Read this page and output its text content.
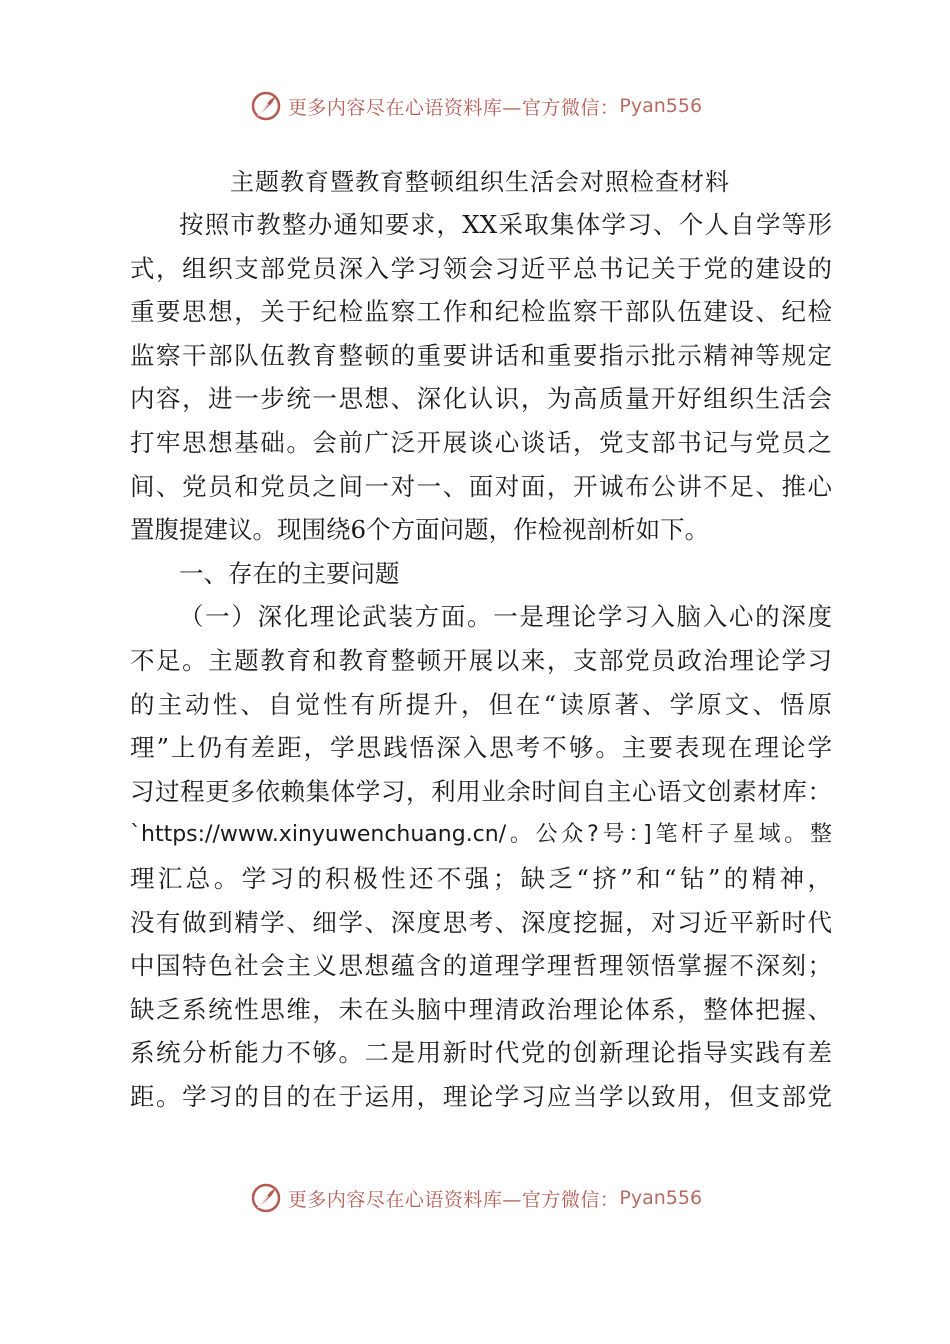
更多内容尽在心语资料库—官方微信： Pyan556
主题教育暨教育整顿组织生活会对照检查材料
按照市教整办通知要求，XX采取集体学习、个人自学等形
式，组织支部党员深入学习领会习近平总书记关于党的建设的
重要思想，关于纪检监察工作和纪检监察干部队伍建设、纪检
监察干部队伍教育整顿的重要讲话和重要指示批示精神等规定
内容，进一步统一思想、深化认识，为高质量开好组织生活会
打牢思想基础。会前广泛开展谈心谈话，党支部书记与党员之
间、党员和党员之间一对一、面对面，开诚布公讲不足、推心
置腹提建议。现围绕6个方面问题，作检视剖析如下。
一、存在的主要问题
（一）深化理论武装方面。一是理论学习入脑入心的深度
不足。主题教育和教育整顿开展以来，支部党员政治理论学习
的主动性、自觉性有所提升，但在“读原著、学原文、悟原
理”上仍有差距，学思践悟深入思考不够。主要表现在理论学
习过程更多依赖集体学习，利用业余时间自主心语文创素材库：
`https://www.xinyuwenchuang.cn/。公众?号：]笔杆子星域。整
理汇总。学习的积极性还不强；缺乏“挤”和“钻”的精神，
没有做到精学、细学、深度思考、深度挖掘，对习近平新时代
中国特色社会主义思想蕴含的道理学理哲理领悟掌握不深刻；
缺乏系统性思维，未在头脑中理清政治理论体系，整体把握、
系统分析能力不够。二是用新时代党的创新理论指导实践有差
距。学习的目的在于运用，理论学习应当学以致用，但支部党
更多内容尽在心语资料库—官方微信： Pyan556
